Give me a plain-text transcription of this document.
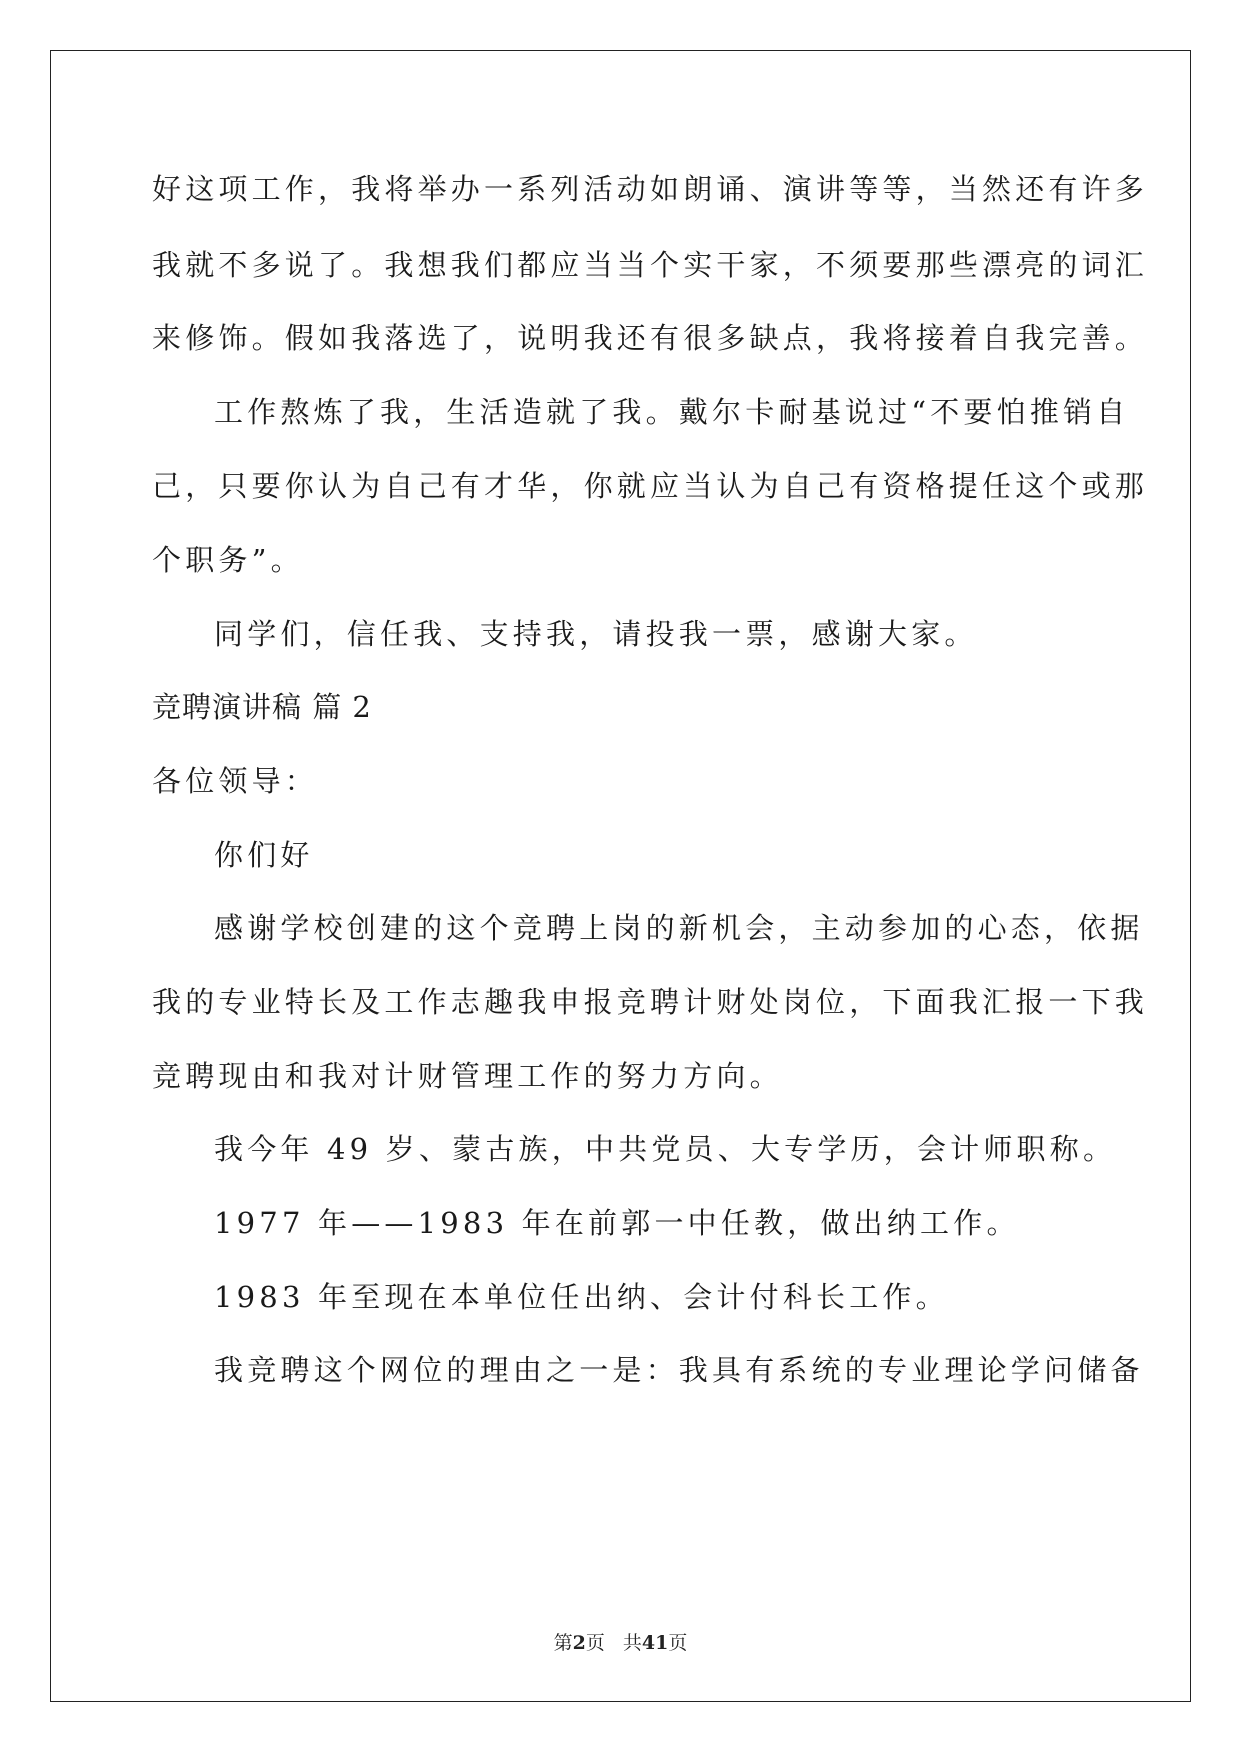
好这项工作，我将举办一系列活动如朗诵、演讲等等，当然还有许多
我就不多说了。我想我们都应当当个实干家，不须要那些漂亮的词汇
来修饰。假如我落选了，说明我还有很多缺点，我将接着自我完善。
工作熬炼了我，生活造就了我。戴尔卡耐基说过“不要怕推销自
己，只要你认为自己有才华，你就应当认为自己有资格提任这个或那
个职务”。
同学们，信任我、支持我，请投我一票，感谢大家。
竞聘演讲稿 篇 2
各位领导：
你们好
感谢学校创建的这个竞聘上岗的新机会，主动参加的心态，依据
我的专业特长及工作志趣我申报竞聘计财处岗位，下面我汇报一下我
竞聘现由和我对计财管理工作的努力方向。
我今年 49 岁、蒙古族，中共党员、大专学历，会计师职称。
1977 年——1983 年在前郭一中任教，做出纳工作。
1983 年至现在本单位任出纳、会计付科长工作。
我竞聘这个网位的理由之一是：我具有系统的专业理论学问储备
第2页 共41页
